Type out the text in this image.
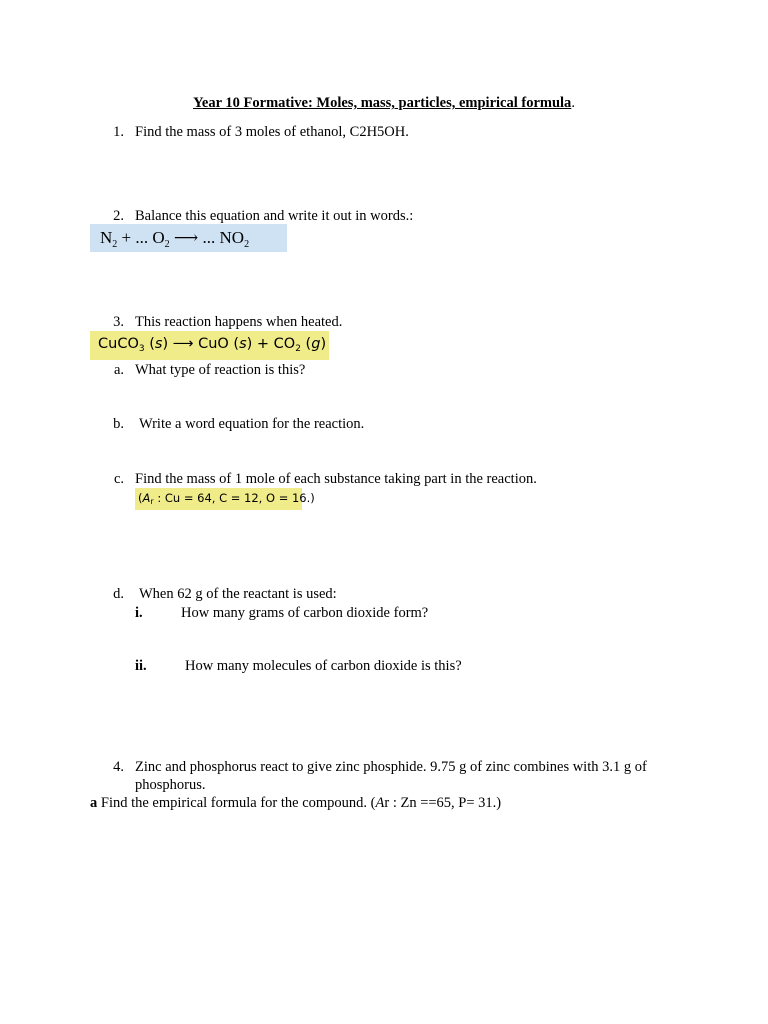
Year 10 Formative: Moles, mass, particles, empirical formula.
1. Find the mass of 3 moles of ethanol, C2H5OH.
2. Balance this equation and write it out in words.:
$N_2$ + ... $O_2$ ⟶ ... $NO_2$
3. This reaction happens when heated.
CuCO$_3$ (s) ⟶ CuO $(s) + CO_2$ (g)
a. What type of reaction is this?
b. Write a word equation for the reaction.
c. Find the mass of 1 mole of each substance taking part in the reaction.
($A_r$ : Cu = 64, C = 12, O = 16.)
d. When 62 g of the reactant is used:
i.	How many grams of carbon dioxide form?
ii.	How many molecules of carbon dioxide is this?
4. Zinc and phosphorus react to give zinc phosphide. 9.75 g of zinc combines with 3.1 g of
phosphorus.
a Find the empirical formula for the compound. (Ar : Zn ==65, P= 31.)
